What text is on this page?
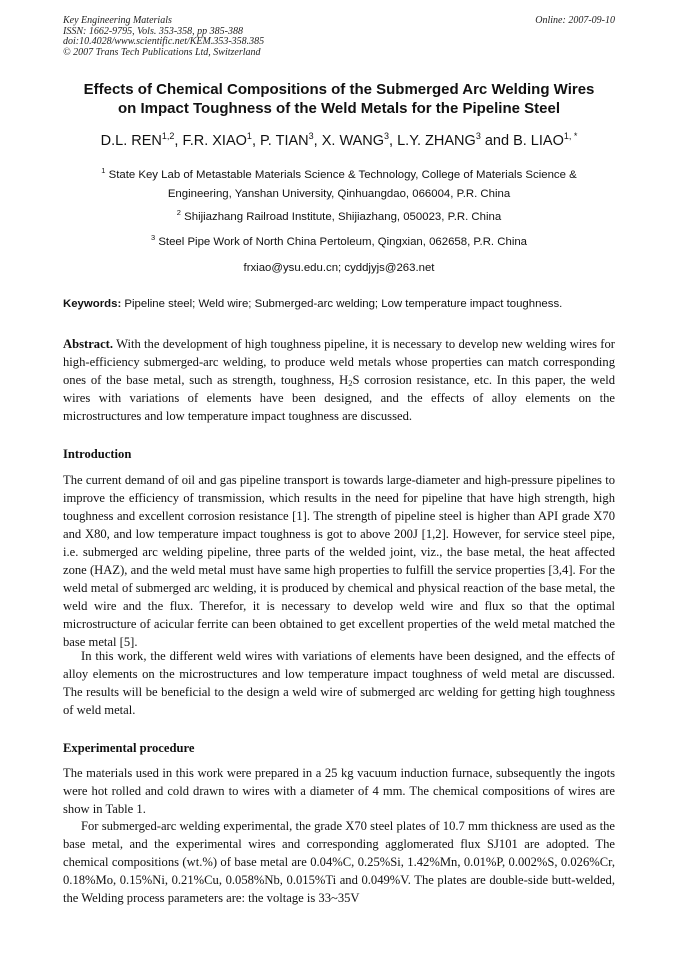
Key Engineering Materials
ISSN: 1662-9795, Vols. 353-358, pp 385-388
doi:10.4028/www.scientific.net/KEM.353-358.385
© 2007 Trans Tech Publications Ltd, Switzerland
Online: 2007-09-10
Effects of Chemical Compositions of the Submerged Arc Welding Wires
on Impact Toughness of the Weld Metals for the Pipeline Steel
D.L. REN$^{1,2}$, F.R. XIAO$^1$, P. TIAN$^3$, X. WANG$^3$, L.Y. ZHANG$^3$ and B. $LIAO^{1, *}$
$^1$ State Key Lab of Metastable Materials Science & Technology, College of Materials Science &
Engineering, Yanshan University, Qinhuangdao, 066004, P.R. China
$^2$ Shijiazhang Railroad Institute, Shijiazhang, 050023, P.R. China
$^3$ Steel Pipe Work of North China Pertoleum, Qingxian, 062658, P.R. China
frxiao@ysu.edu.cn; cyddjyjs@263.net
Keywords: Pipeline steel; Weld wire; Submerged-arc welding; Low temperature impact toughness.

Abstract. With the development of high toughness pipeline, it is necessary to develop new welding wires for high-efficiency submerged-arc welding, to produce weld metals whose properties can match corresponding ones of the base metal, such as strength, toughness, $H_2S$ corrosion resistance, etc. In this paper, the weld wires with variations of elements have been designed, and the effects of alloy elements on the microstructures and low temperature impact toughness are discussed.

Introduction

The current demand of oil and gas pipeline transport is towards large-diameter and high-pressure pipelines to improve the efficiency of transmission, which results in the need for pipeline that have high strength, high toughness and excellent corrosion resistance [1]. The strength of pipeline steel is higher than API grade X70 and X80, and low temperature impact toughness is got to above 200J [1,2]. However, for service steel pipe, i.e. submerged arc welding pipeline, three parts of the welded joint, viz., the base metal, the heat affected zone (HAZ), and the weld metal must have same high properties to fulfill the service properties [3,4]. For the weld metal of submerged arc welding, it is produced by chemical and physical reaction of the base metal, the weld wire and the flux. Therefor, it is necessary to develop weld wire and flux so that the optimal microstructure of acicular ferrite can been obtained to get excellent properties of the weld metal matched the base metal [5].

In this work, the different weld wires with variations of elements have been designed, and the effects of alloy elements on the microstructures and low temperature impact toughness of weld metal are discussed. The results will be beneficial to the design a weld wire of submerged arc welding for getting high toughness of weld metal.

Experimental procedure

The materials used in this work were prepared in a 25 kg vacuum induction furnace, subsequently the ingots were hot rolled and cold drawn to wires with a diameter of 4 mm. The chemical compositions of wires are show in Table 1.

For submerged-arc welding experimental, the grade X70 steel plates of 10.7 mm thickness are used as the base metal, and the experimental wires and corresponding agglomerated flux SJ101 are adopted. The chemical compositions (wt.%) of base metal are 0.04%C, 0.25%Si, 1.42%Mn, 0.01%P, 0.002%S, 0.026%Cr, 0.18%Mo, 0.15%Ni, 0.21%Cu, 0.058%Nb, 0.015%Ti and 0.049%V. The plates are double-side butt-welded, the Welding process parameters are: the voltage is 33~35V
